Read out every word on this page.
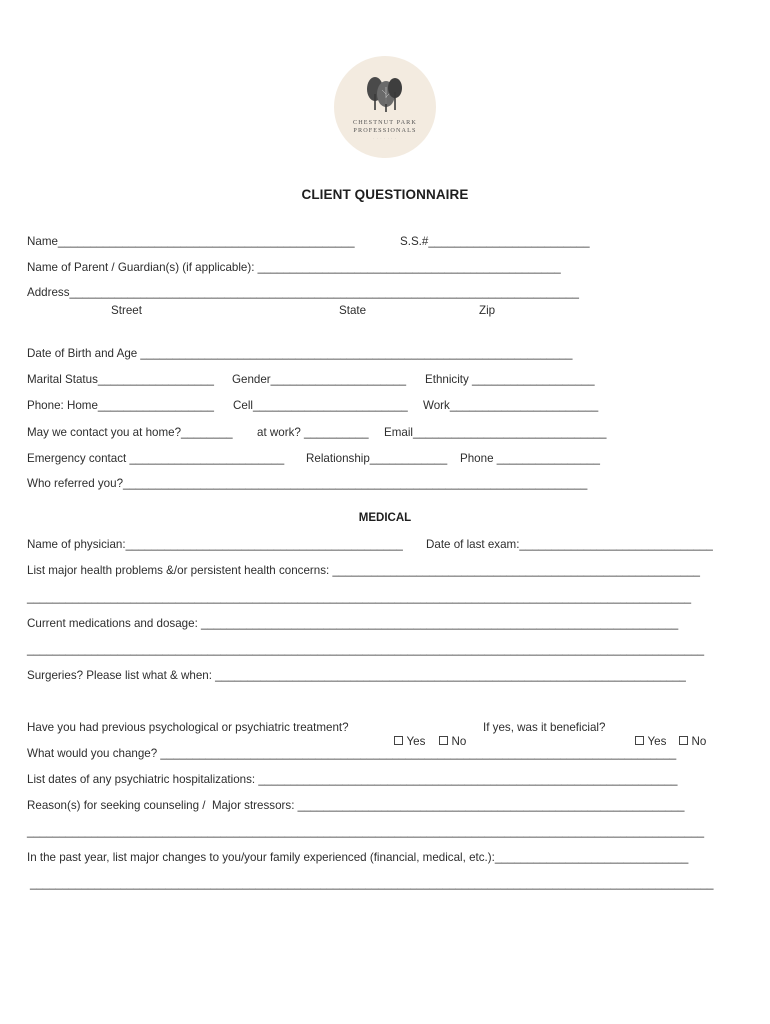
CHESTNUT PARK
PROFESSIONALS
· · · · · · ·
CLIENT QUESTIONNAIRE
Name______________________________________________	S.S.#_________________________
Name of Parent / Guardian(s) (if applicable): _______________________________________________
Address_______________________________________________________________________________
Street	State	Zip
Date of Birth and Age ___________________________________________________________________
Marital Status__________________ Gender_____________________ Ethnicity ___________________
Phone: Home__________________ Cell________________________ Work_______________________
May we contact you at home?________ at work? __________ Email______________________________
Emergency contact ________________________ Relationship____________ Phone ________________
Who referred you?________________________________________________________________________
MEDICAL
Name of physician:___________________________________________ Date of last exam:______________________________
List major health problems &/or persistent health concerns: _________________________________________________________
_______________________________________________________________________________________________________
Current medications and dosage: __________________________________________________________________________
_________________________________________________________________________________________________________
Surgeries? Please list what & when: _________________________________________________________________________
Have you had previous psychological or psychiatric treatment?

Yes	No

If yes, was it beneficial?

Yes	No

What would you change? ________________________________________________________________________________
List dates of any psychiatric hospitalizations: _________________________________________________________________
Reason(s) for seeking counseling /  Major stressors: ____________________________________________________________
_________________________________________________________________________________________________________
In the past year, list major changes to you/your family experienced (financial, medical, etc.):______________________________
__________________________________________________________________________________________________________
